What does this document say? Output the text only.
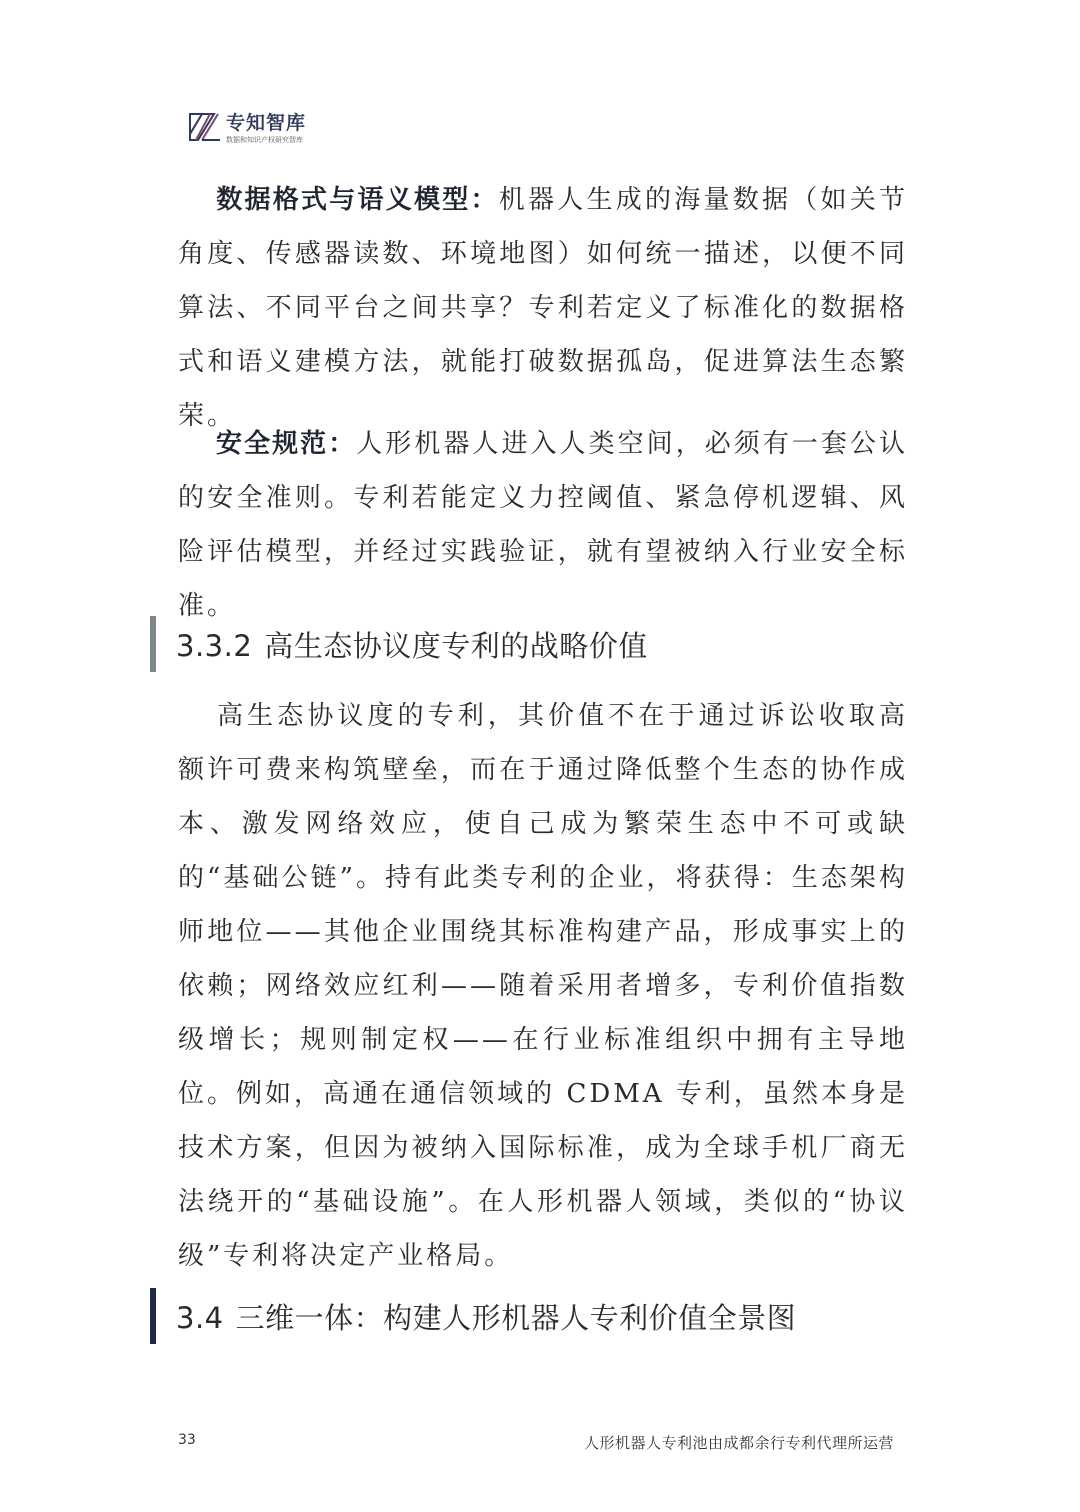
专知智库
数据和知识产权研究智库

数据格式与语义模型：机器人生成的海量数据（如关节角度、传感器读数、环境地图）如何统一描述，以便不同算法、不同平台之间共享？专利若定义了标准化的数据格式和语义建模方法，就能打破数据孤岛，促进算法生态繁荣。

安全规范：人形机器人进入人类空间，必须有一套公认的安全准则。专利若能定义力控阈值、紧急停机逻辑、风险评估模型，并经过实践验证，就有望被纳入行业安全标准。

3.3.2 高生态协议度专利的战略价值

高生态协议度的专利，其价值不在于通过诉讼收取高额许可费来构筑壁垒，而在于通过降低整个生态的协作成本、激发网络效应，使自己成为繁荣生态中不可或缺的“基础公链”。持有此类专利的企业，将获得：生态架构师地位——其他企业围绕其标准构建产品，形成事实上的依赖；网络效应红利——随着采用者增多，专利价值指数级增长；规则制定权——在行业标准组织中拥有主导地位。例如，高通在通信领域的 CDMA 专利，虽然本身是技术方案，但因为被纳入国际标准，成为全球手机厂商无法绕开的“基础设施”。在人形机器人领域，类似的“协议级”专利将决定产业格局。

3.4 三维一体：构建人形机器人专利价值全景图
33	人形机器人专利池由成都余行专利代理所运营
